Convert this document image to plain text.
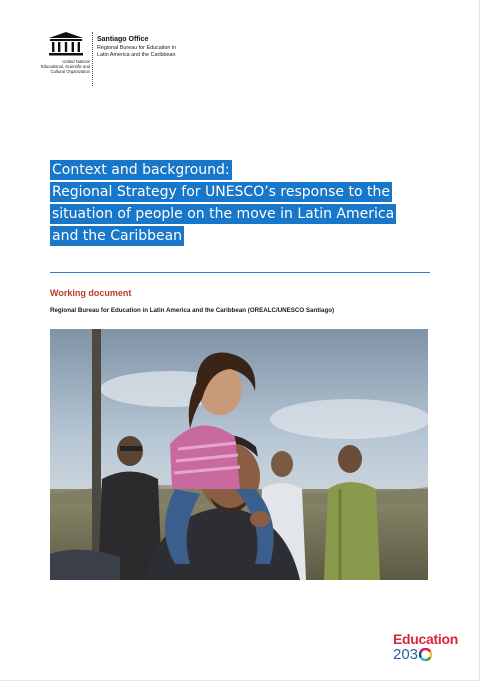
United Nations
Educational, Scientific and
Cultural Organization
Santiago Office
Regional Bureau for Education in
Latin America and the Caribbean
Context and background:
Regional Strategy for UNESCO’s response to the
situation of people on the move in Latin America
and the Caribbean
Working document
Regional Bureau for Education in Latin America and the Caribbean (OREALC/UNESCO Santiago)
Education
203
